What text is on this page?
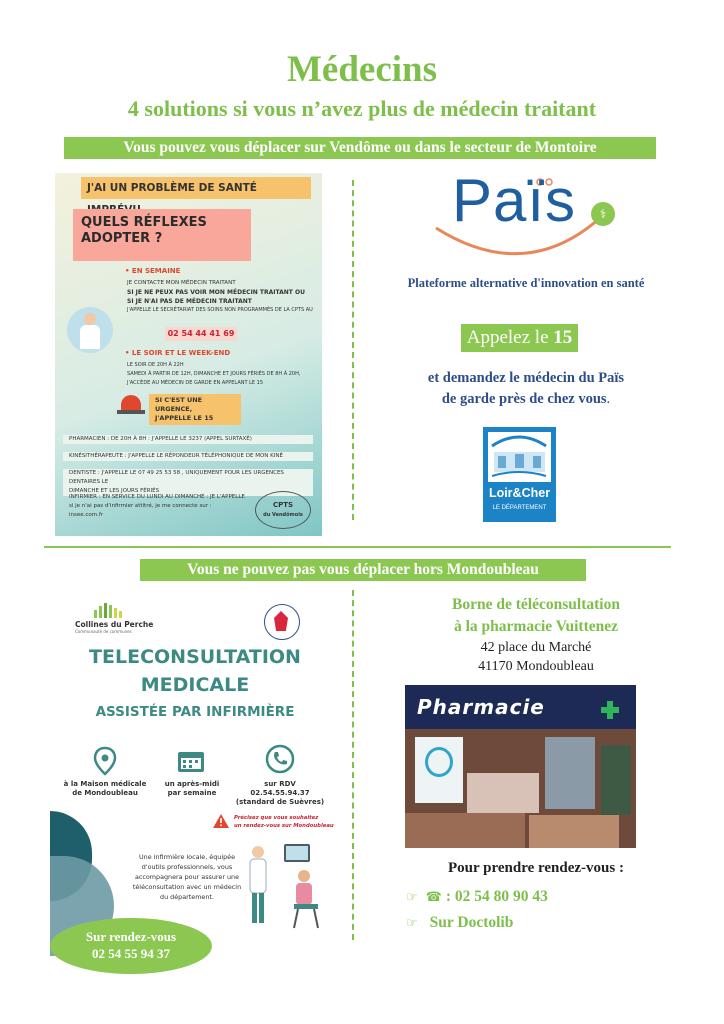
Médecins
4 solutions si vous n’avez plus de médecin traitant
Vous pouvez vous déplacer sur Vendôme ou dans le secteur de Montoire
J'AI UN PROBLÈME DE SANTÉ
QUELS RÉFLEXES
ADOPTER ?
• EN SEMAINE
JE CONTACTE MON MÉDECIN TRAITANT
SI JE NE PEUX PAS VOIR MON MÉDECIN TRAITANT OU
SI JE N'AI PAS DE MÉDECIN TRAITANT
J'APPELLE LE SECRÉTARIAT DES SOINS NON PROGRAMMÉS DE LA CPTS AU
02 54 44 41 69
• LE SOIR ET LE WEEK-END
LE SOIR DE 20H À 22H
SAMEDI À PARTIR DE 12H, DIMANCHE ET JOURS FÉRIÉS DE 8H À 20H,
J'ACCÈDE AU MÉDECIN DE GARDE EN APPELANT LE 15
SI C'EST UNE URGENCE,
J'APPELLE LE 15
PHARMACIEN : DE 20H À 8H : J'APPELLE LE 3237 (APPEL SURTAXÉ)
KINÉSITHÉRAPEUTE : J'APPELLE LE RÉPONDEUR TÉLÉPHONIQUE DE MON KINÉ
DENTISTE : J'APPELLE LE 07 49 25 53 58 , UNIQUEMENT POUR LES URGENCES DENTAIRES LE
DIMANCHE ET LES JOURS FÉRIÉS
INFIRMIER : EN SERVICE DU LUNDI AU DIMANCHE : JE L'APPELLE
si je n'ai pas d'infirmier attitré, je me connecte sur :
insee.com.fr
CPTS
du Vendômois
⚕
Païs
Plateforme alternative d'innovation en santé
Appelez le 15
et demandez le médecin du Païs
de garde près de chez vous.
Loir&Cher
LE DÉPARTEMENT
Vous ne pouvez pas vous déplacer hors Mondoubleau
Collines du Perche
Communauté de communes
TELECONSULTATION
MEDICALE
ASSISTÉE PAR INFIRMIÈRE
à la Maison médicale
de Mondoubleau
un après-midi
par semaine
sur RDV
02.54.55.94.37
(standard de Suèvres)
Précisez que vous souhaitez
un rendez-vous sur Mondoubleau
Une infirmière locale, équipée
d'outils professionnels, vous
accompagnera pour assurer une
téléconsultation avec un médecin
du département.
Sur rendez-vous
02 54 55 94 37
Borne de téléconsultation
à la pharmacie Vuittenez
42 place du Marché
41170 Mondoubleau
Pharmacie
Pour prendre rendez-vous :
☞ ☎ : 02 54 80 90 43
☞ Sur Doctolib
